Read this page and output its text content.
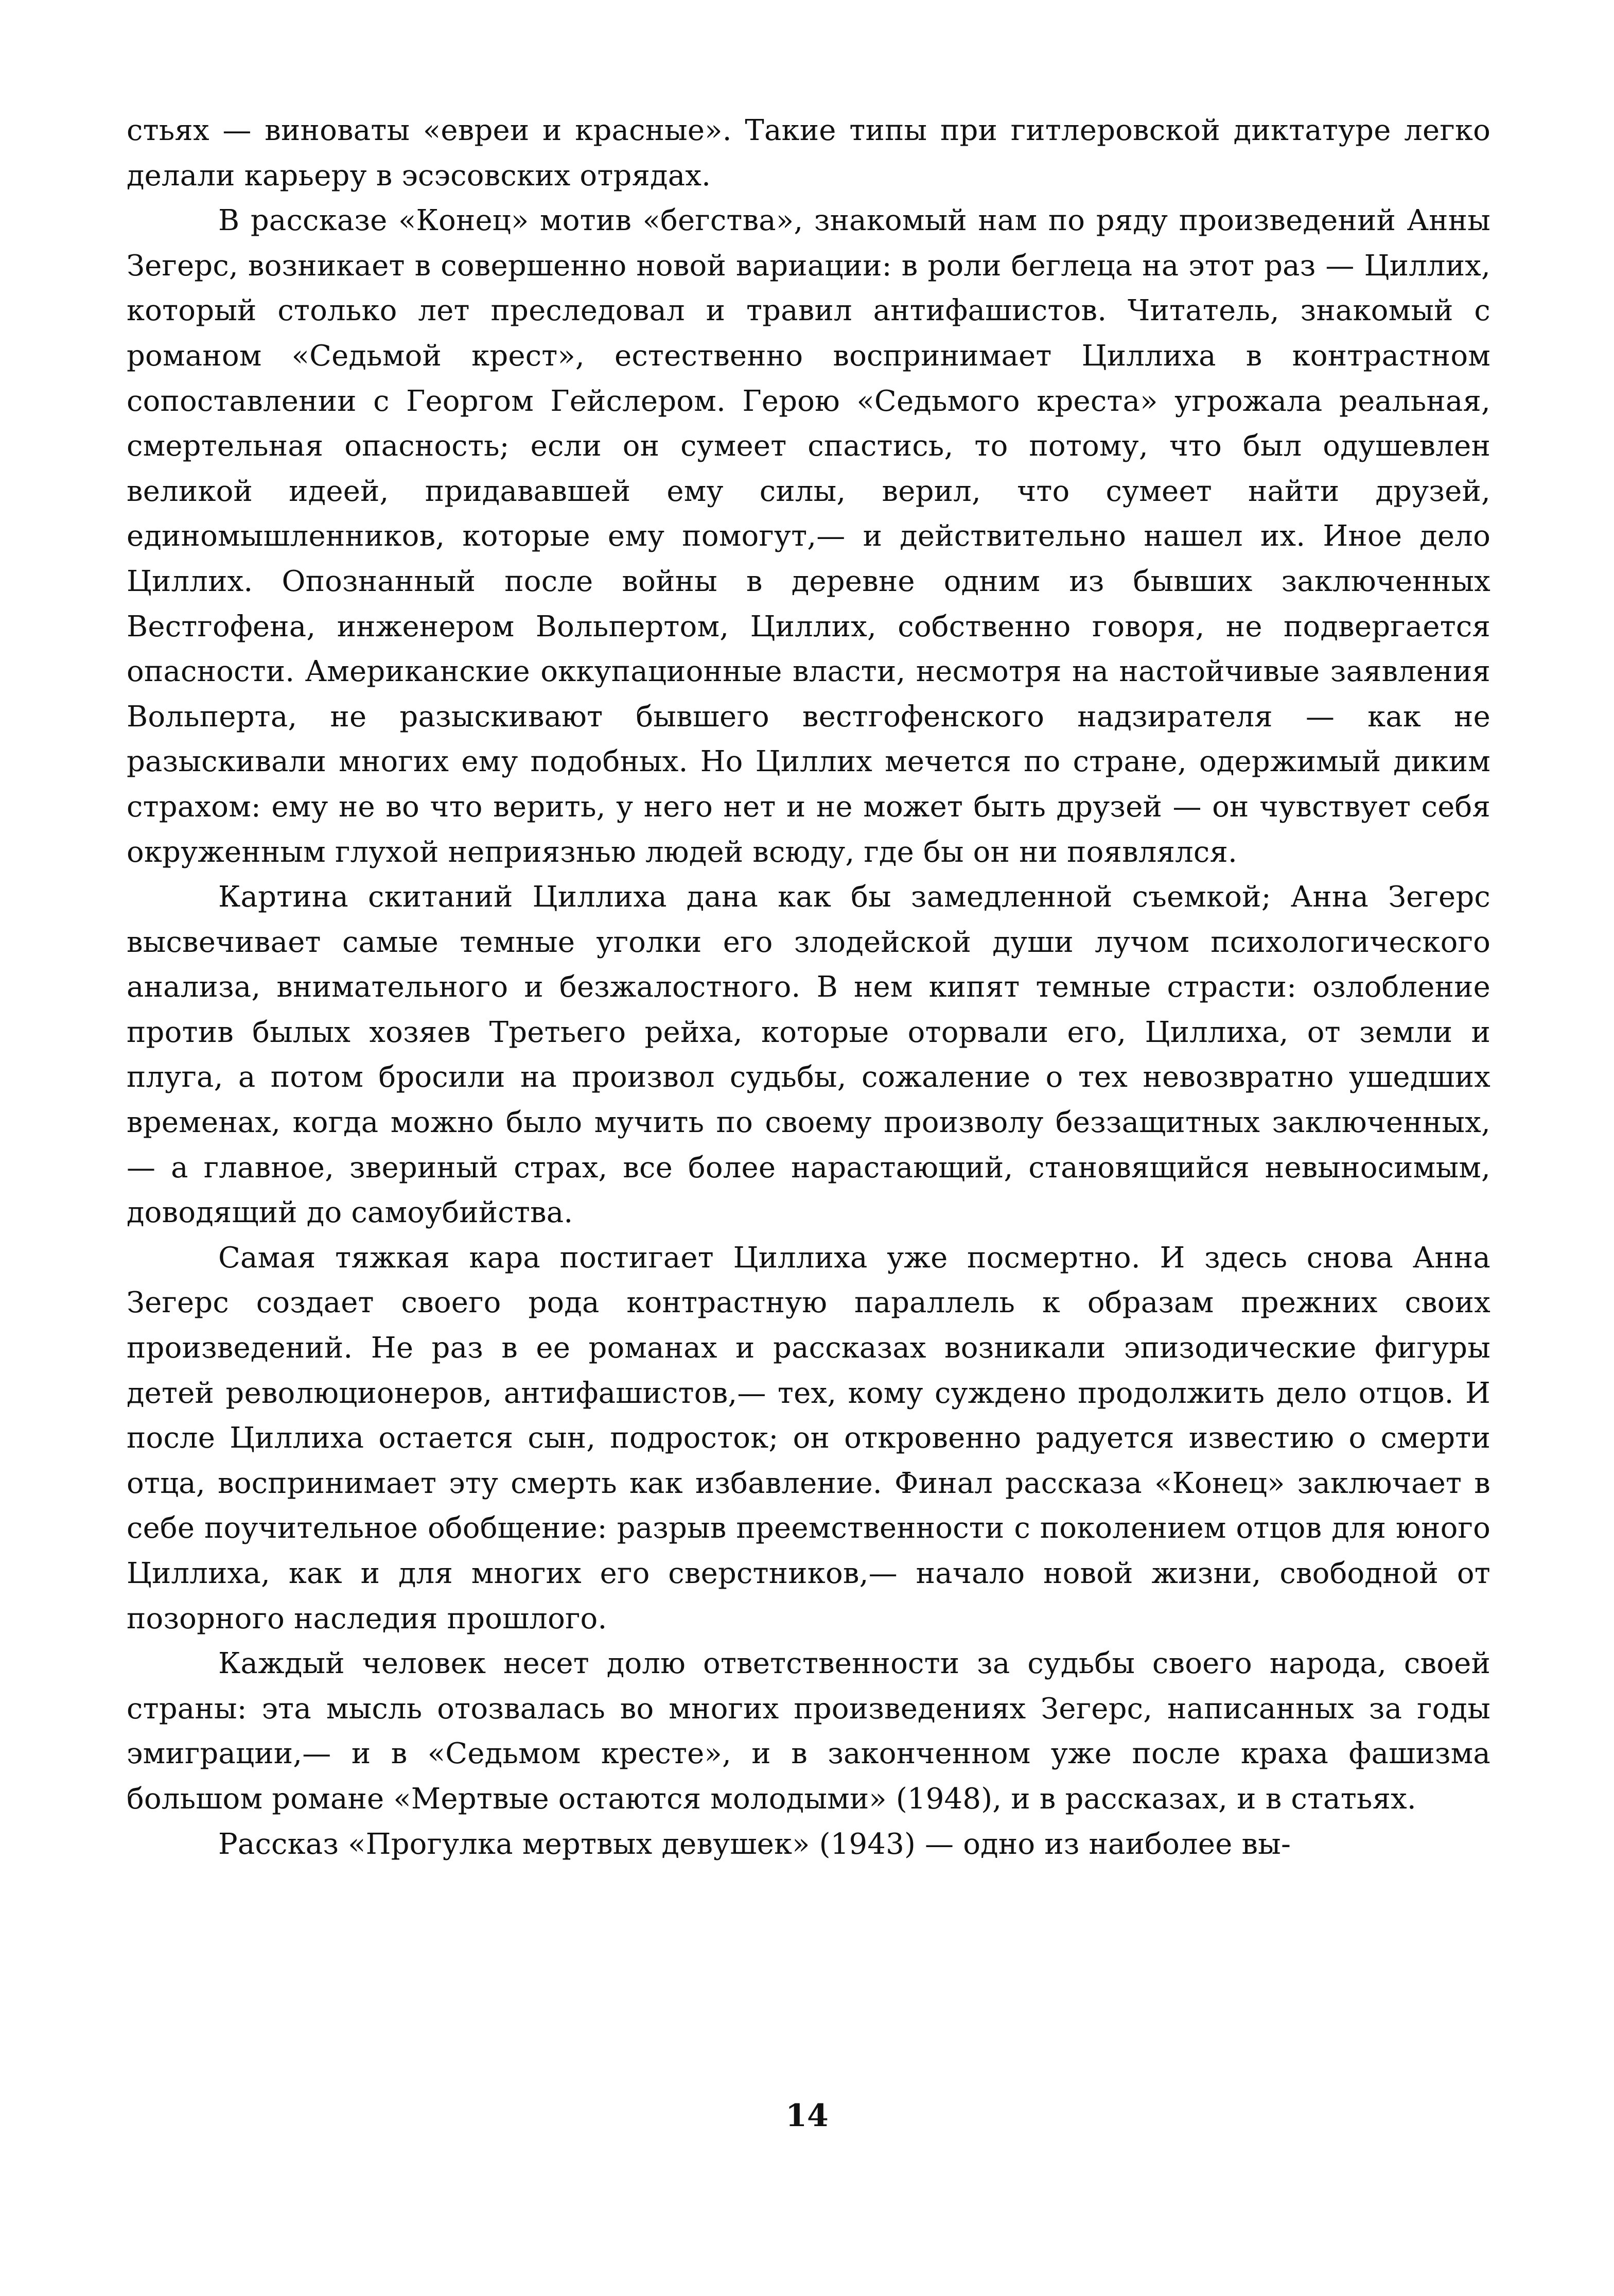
стьях — виноваты «евреи и красные». Такие типы при гитлеровской диктатуре легко делали карьеру в эсэсовских отрядах.

В рассказе «Конец» мотив «бегства», знакомый нам по ряду произведений Анны Зегерс, возникает в совершенно новой вариации: в роли беглеца на этот раз — Циллих, который столько лет преследовал и травил антифашистов. Читатель, знакомый с романом «Седьмой крест», естественно воспринимает Циллиха в контрастном сопоставлении с Георгом Гейслером. Герою «Седьмого креста» угрожала реальная, смертельная опасность; если он сумеет спастись, то потому, что был одушевлен великой идеей, придававшей ему силы, верил, что сумеет найти друзей, единомышленников, которые ему помогут,— и действительно нашел их. Иное дело Циллих. Опознанный после войны в деревне одним из бывших заключенных Вестгофена, инженером Вольпертом, Циллих, собственно говоря, не подвергается опасности. Американские оккупационные власти, несмотря на настойчивые заявления Вольперта, не разыскивают бывшего вестгофенского надзирателя — как не разыскивали многих ему подобных. Но Циллих мечется по стране, одержимый диким страхом: ему не во что верить, у него нет и не может быть друзей — он чувствует себя окруженным глухой неприязнью людей всюду, где бы он ни появлялся.

Картина скитаний Циллиха дана как бы замедленной съемкой; Анна Зегерс высвечивает самые темные уголки его злодейской души лучом психологического анализа, внимательного и безжалостного. В нем кипят темные страсти: озлобление против былых хозяев Третьего рейха, которые оторвали его, Циллиха, от земли и плуга, а потом бросили на произвол судьбы, сожаление о тех невозвратно ушедших временах, когда можно было мучить по своему произволу беззащитных заключенных,— а главное, звериный страх, все более нарастающий, становящийся невыносимым, доводящий до самоубийства.

Самая тяжкая кара постигает Циллиха уже посмертно. И здесь снова Анна Зегерс создает своего рода контрастную параллель к образам прежних своих произведений. Не раз в ее романах и рассказах возникали эпизодические фигуры детей революционеров, антифашистов,— тех, кому суждено продолжить дело отцов. И после Циллиха остается сын, подросток; он откровенно радуется известию о смерти отца, воспринимает эту смерть как избавление. Финал рассказа «Конец» заключает в себе поучительное обобщение: разрыв преемственности с поколением отцов для юного Циллиха, как и для многих его сверстников,— начало новой жизни, свободной от позорного наследия прошлого.

Каждый человек несет долю ответственности за судьбы своего народа, своей страны: эта мысль отозвалась во многих произведениях Зегерс, написанных за годы эмиграции,— и в «Седьмом кресте», и в законченном уже после краха фашизма большом романе «Мертвые остаются молодыми» (1948), и в рассказах, и в статьях.

Рассказ «Прогулка мертвых девушек» (1943) — одно из наиболее вы-

14
